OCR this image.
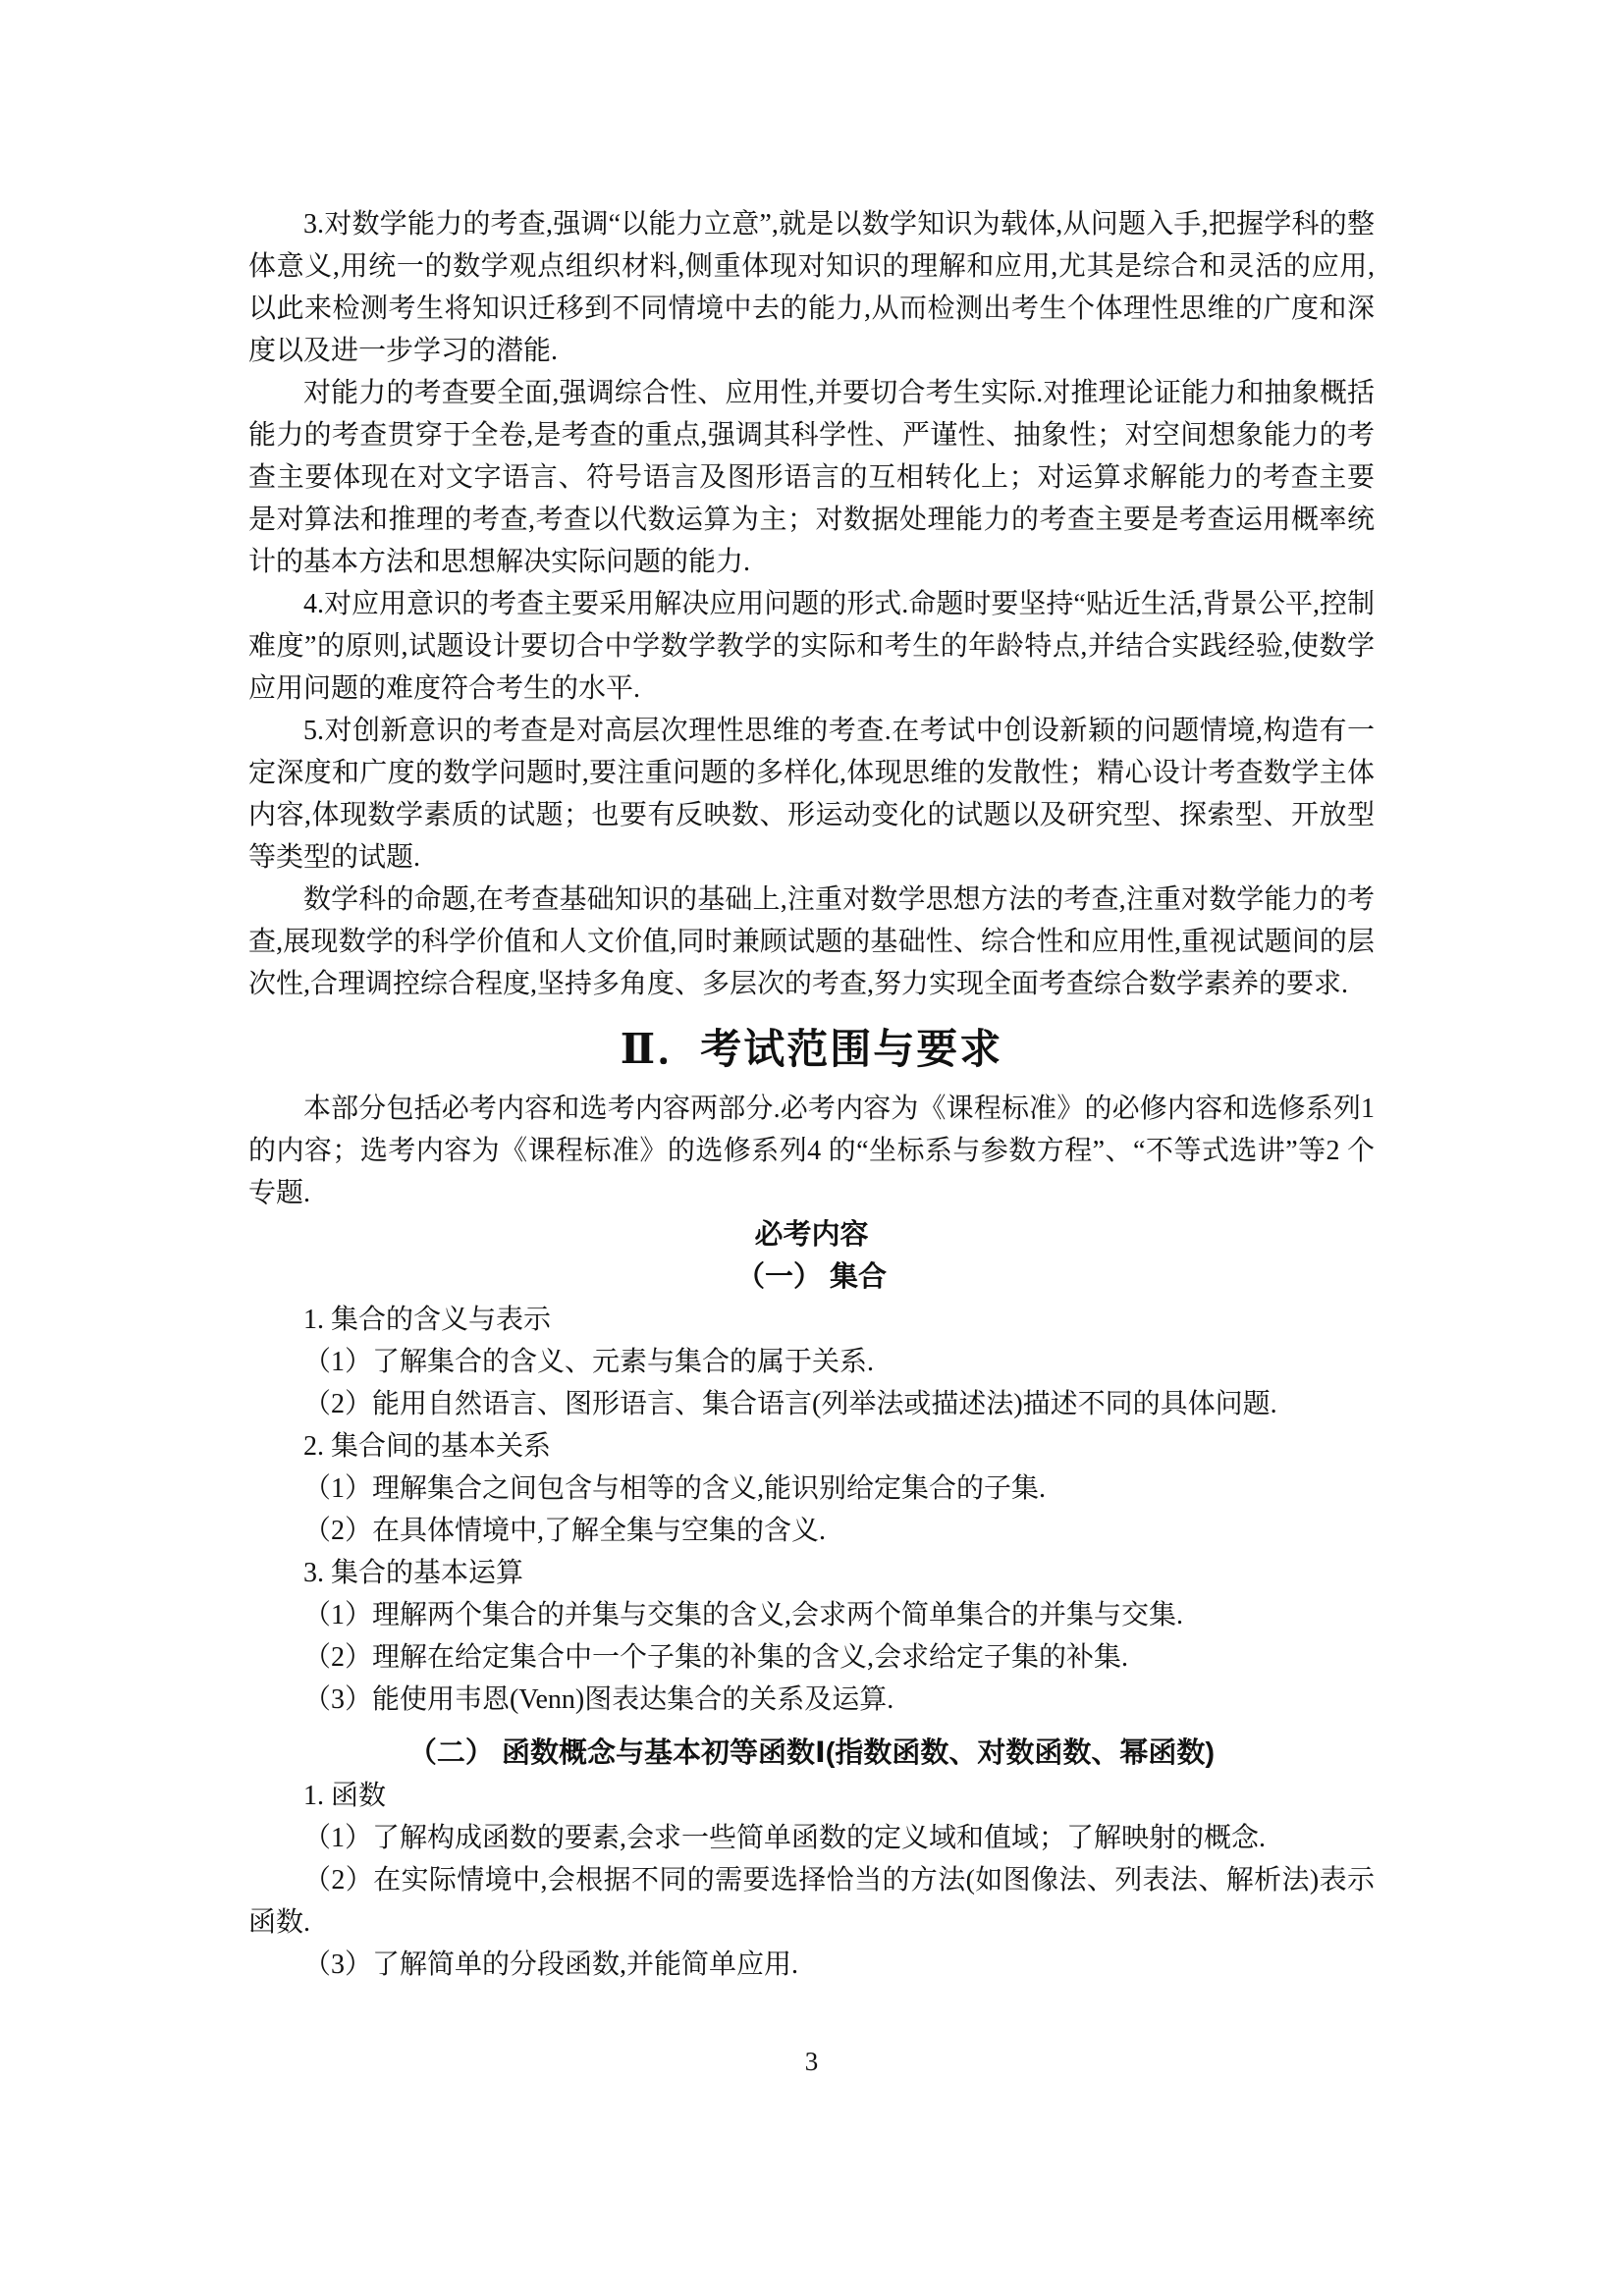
3.对数学能力的考查,强调“以能力立意”,就是以数学知识为载体,从问题入手,把握学科的整体意义,用统一的数学观点组织材料,侧重体现对知识的理解和应用,尤其是综合和灵活的应用,以此来检测考生将知识迁移到不同情境中去的能力,从而检测出考生个体理性思维的广度和深度以及进一步学习的潜能.

对能力的考查要全面,强调综合性、应用性,并要切合考生实际.对推理论证能力和抽象概括能力的考查贯穿于全卷,是考查的重点,强调其科学性、严谨性、抽象性；对空间想象能力的考查主要体现在对文字语言、符号语言及图形语言的互相转化上；对运算求解能力的考查主要是对算法和推理的考查,考查以代数运算为主；对数据处理能力的考查主要是考查运用概率统计的基本方法和思想解决实际问题的能力.

4.对应用意识的考查主要采用解决应用问题的形式.命题时要坚持“贴近生活,背景公平,控制难度”的原则,试题设计要切合中学数学教学的实际和考生的年龄特点,并结合实践经验,使数学应用问题的难度符合考生的水平.

5.对创新意识的考查是对高层次理性思维的考查.在考试中创设新颖的问题情境,构造有一定深度和广度的数学问题时,要注重问题的多样化,体现思维的发散性；精心设计考查数学主体内容,体现数学素质的试题；也要有反映数、形运动变化的试题以及研究型、探索型、开放型等类型的试题.

数学科的命题,在考查基础知识的基础上,注重对数学思想方法的考查,注重对数学能力的考查,展现数学的科学价值和人文价值,同时兼顾试题的基础性、综合性和应用性,重视试题间的层次性,合理调控综合程度,坚持多角度、多层次的考查,努力实现全面考查综合数学素养的要求.

Ⅱ．考试范围与要求

本部分包括必考内容和选考内容两部分.必考内容为《课程标准》的必修内容和选修系列1 的内容；选考内容为《课程标准》的选修系列4 的“坐标系与参数方程”、“不等式选讲”等2 个专题.

必考内容
（一） 集合

1. 集合的含义与表示

（1）了解集合的含义、元素与集合的属于关系.

（2）能用自然语言、图形语言、集合语言(列举法或描述法)描述不同的具体问题.

2. 集合间的基本关系

（1）理解集合之间包含与相等的含义,能识别给定集合的子集.

（2）在具体情境中,了解全集与空集的含义.

3. 集合的基本运算

（1）理解两个集合的并集与交集的含义,会求两个简单集合的并集与交集.

（2）理解在给定集合中一个子集的补集的含义,会求给定子集的补集.

（3）能使用韦恩(Venn)图表达集合的关系及运算.

（二） 函数概念与基本初等函数Ⅰ(指数函数、对数函数、幂函数)

1. 函数

（1）了解构成函数的要素,会求一些简单函数的定义域和值域；了解映射的概念.

（2）在实际情境中,会根据不同的需要选择恰当的方法(如图像法、列表法、解析法)表示函数.

（3）了解简单的分段函数,并能简单应用.

3
